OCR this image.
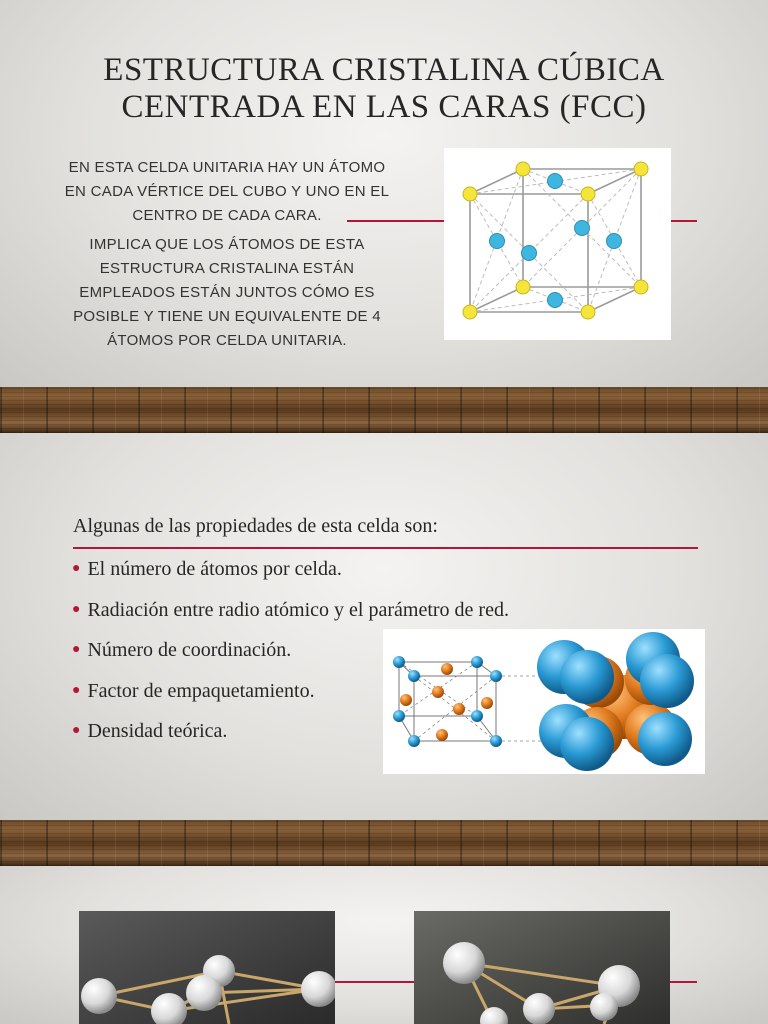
ESTRUCTURA CRISTALINA CÚBICA CENTRADA EN LAS CARAS (FCC)

EN ESTA CELDA UNITARIA HAY UN ÁTOMO EN CADA VÉRTICE DEL CUBO Y UNO EN EL CENTRO DE CADA CARA.

IMPLICA QUE LOS ÁTOMOS DE ESTA ESTRUCTURA CRISTALINA ESTÁN EMPLEADOS ESTÁN JUNTOS CÓMO ES POSIBLE Y TIENE UN EQUIVALENTE DE 4 ÁTOMOS POR CELDA UNITARIA.

Algunas de las propiedades de esta celda son:

● El número de átomos por celda.
● Radiación entre radio atómico y el parámetro de red.
● Número de coordinación.
● Factor de empaquetamiento.
● Densidad teórica.
